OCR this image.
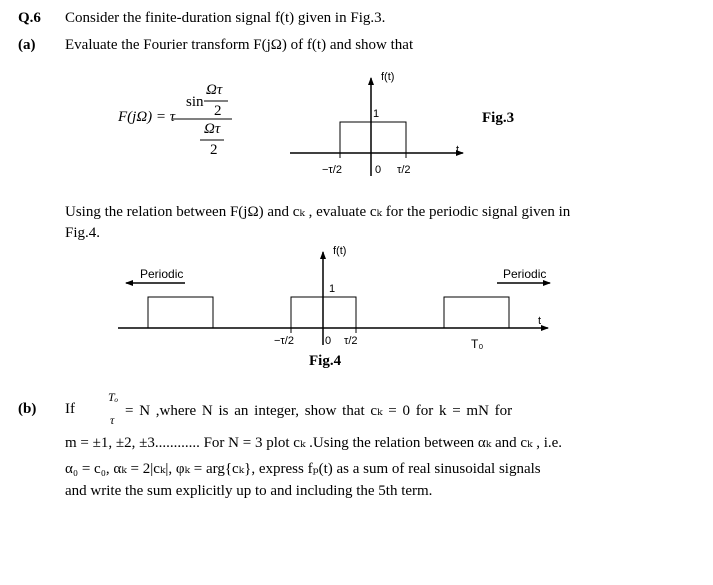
Q.6 Consider the finite-duration signal f(t) given in Fig.3.
(a) Evaluate the Fourier transform F(jΩ) of f(t) and show that
F(jΩ) = τ
sin
Ωτ
2
Ωτ
2
f(t)
1	Fig.3
t
−τ/2	0 τ/2
Using the relation between F(jΩ) and cₖ , evaluate cₖ for the periodic signal given in
Fig.4.
f(t)
Periodic	Periodic
1
t
−τ/2	0 τ/2	T₀
Fig.4
(b) If
Tₒ
τ
= N ,where N is an integer, show that cₖ = 0 for k = mN for
m = ±1, ±2, ±3............ For N = 3 plot cₖ .Using the relation between αₖ and cₖ , i.e.
α₀ = c₀, αₖ = 2|cₖ|, φₖ = arg{cₖ}, express fₚ(t) as a sum of real sinusoidal signals
and write the sum explicitly up to and including the 5th term.
